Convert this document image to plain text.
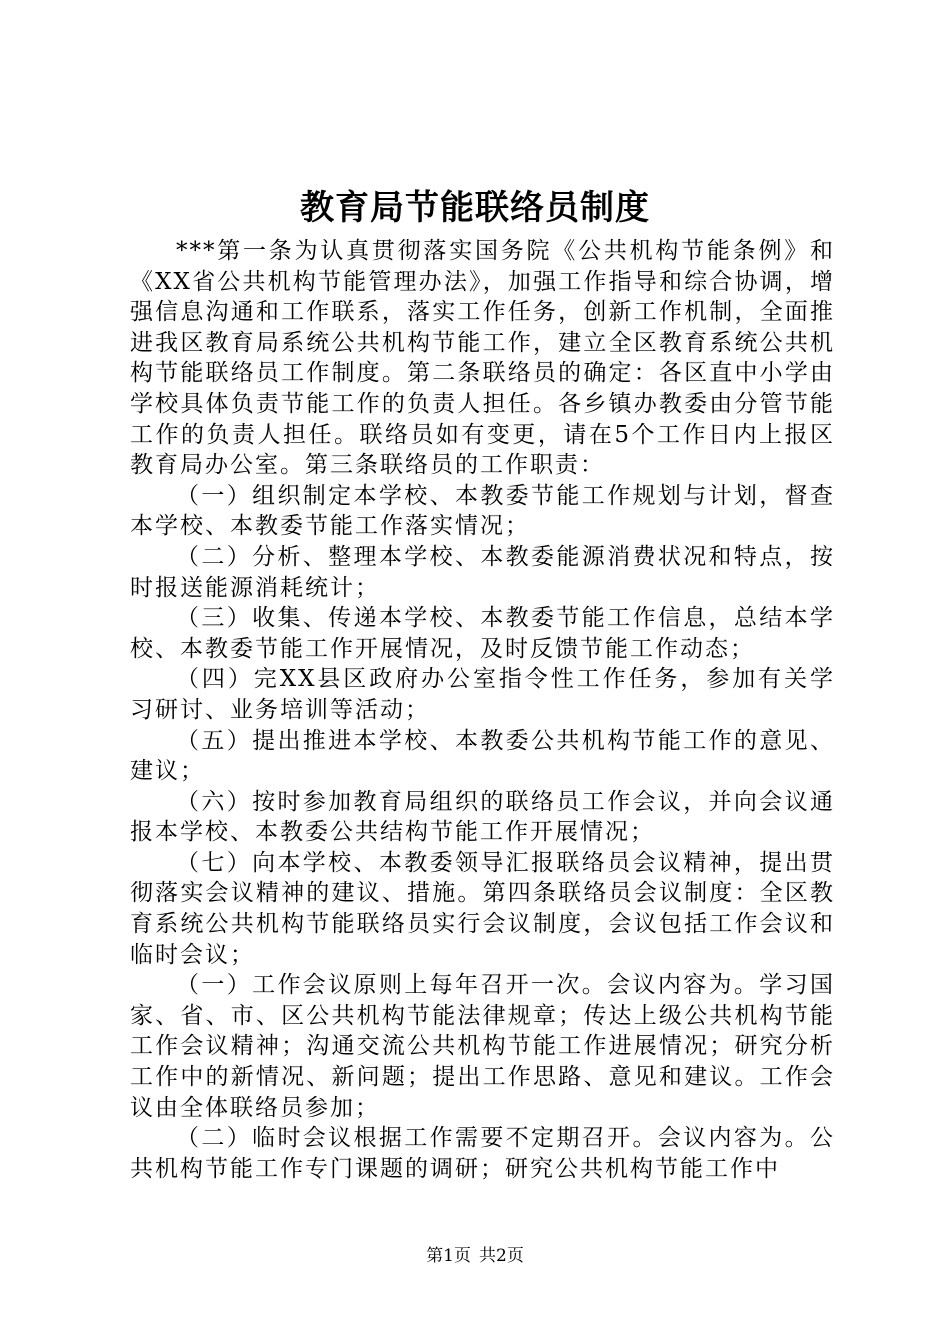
教育局节能联络员制度

***第一条为认真贯彻落实国务院《公共机构节能条例》和《XX省公共机构节能管理办法》，加强工作指导和综合协调，增强信息沟通和工作联系，落实工作任务，创新工作机制，全面推进我区教育局系统公共机构节能工作，建立全区教育系统公共机构节能联络员工作制度。第二条联络员的确定：各区直中小学由学校具体负责节能工作的负责人担任。各乡镇办教委由分管节能工作的负责人担任。联络员如有变更，请在5个工作日内上报区教育局办公室。第三条联络员的工作职责：

（一）组织制定本学校、本教委节能工作规划与计划，督查本学校、本教委节能工作落实情况；

（二）分析、整理本学校、本教委能源消费状况和特点，按时报送能源消耗统计；

（三）收集、传递本学校、本教委节能工作信息，总结本学校、本教委节能工作开展情况，及时反馈节能工作动态；

（四）完XX县区政府办公室指令性工作任务，参加有关学习研讨、业务培训等活动；

（五）提出推进本学校、本教委公共机构节能工作的意见、建议；

（六）按时参加教育局组织的联络员工作会议，并向会议通报本学校、本教委公共结构节能工作开展情况；

（七）向本学校、本教委领导汇报联络员会议精神，提出贯彻落实会议精神的建议、措施。第四条联络员会议制度：全区教育系统公共机构节能联络员实行会议制度，会议包括工作会议和临时会议；

（一）工作会议原则上每年召开一次。会议内容为。学习国家、省、市、区公共机构节能法律规章；传达上级公共机构节能工作会议精神；沟通交流公共机构节能工作进展情况；研究分析工作中的新情况、新问题；提出工作思路、意见和建议。工作会议由全体联络员参加；

（二）临时会议根据工作需要不定期召开。会议内容为。公共机构节能工作专门课题的调研；研究公共机构节能工作中

第1页 共2页
